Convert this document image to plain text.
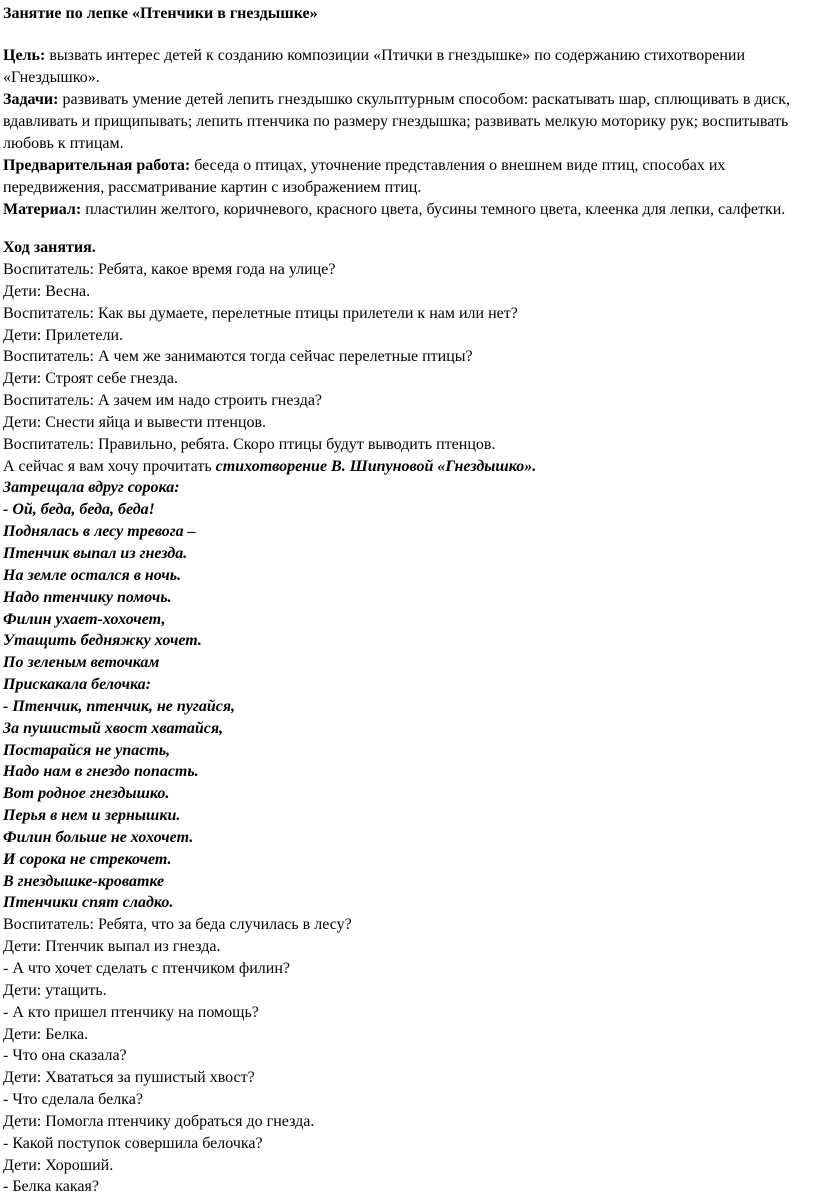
Занятие по лепке «Птенчики в гнездышке»

Цель: вызвать интерес детей к созданию композиции «Птички в гнездышке» по содержанию стихотворении «Гнездышко».

Задачи: развивать умение детей лепить гнездышко скульптурным способом: раскатывать шар, сплющивать в диск, вдавливать и прищипывать; лепить птенчика по размеру гнездышка; развивать мелкую моторику рук; воспитывать любовь к птицам.

Предварительная работа: беседа о птицах, уточнение представления о внешнем виде птиц, способах их передвижения, рассматривание картин с изображением птиц.

Материал: пластилин желтого, коричневого, красного цвета, бусины темного цвета, клеенка для лепки, салфетки.

Ход занятия.
Воспитатель: Ребята, какое время года на улице?
Дети: Весна.
Воспитатель: Как вы думаете, перелетные птицы прилетели к нам или нет?
Дети: Прилетели.
Воспитатель: А чем же занимаются тогда сейчас перелетные птицы?
Дети: Строят себе гнезда.
Воспитатель: А зачем им надо строить гнезда?
Дети: Снести яйца и вывести птенцов.
Воспитатель: Правильно, ребята. Скоро птицы будут выводить птенцов.
А сейчас я вам хочу прочитать стихотворение В. Шипуновой «Гнездышко».
Затрещала вдруг сорока:
- Ой, беда, беда, беда!
Поднялась в лесу тревога –
Птенчик выпал из гнезда.
На земле остался в ночь.
Надо птенчику помочь.
Филин ухает-хохочет,
Утащить бедняжку хочет.
По зеленым веточкам
Прискакала белочка:
- Птенчик, птенчик, не пугайся,
За пушистый хвост хватайся,
Постарайся не упасть,
Надо нам в гнездо попасть.
Вот родное гнездышко.
Перья в нем и зернышки.
Филин больше не хохочет.
И сорока не стрекочет.
В гнездышке-кроватке
Птенчики спят сладко.
Воспитатель: Ребята, что за беда случилась в лесу?
Дети: Птенчик выпал из гнезда.
- А что хочет сделать с птенчиком филин?
Дети: утащить.
- А кто пришел птенчику на помощь?
Дети: Белка.
- Что она сказала?
Дети: Хвататься за пушистый хвост?
- Что сделала белка?
Дети: Помогла птенчику добраться до гнезда.
- Какой поступок совершила белочка?
Дети: Хороший.
- Белка какая?
